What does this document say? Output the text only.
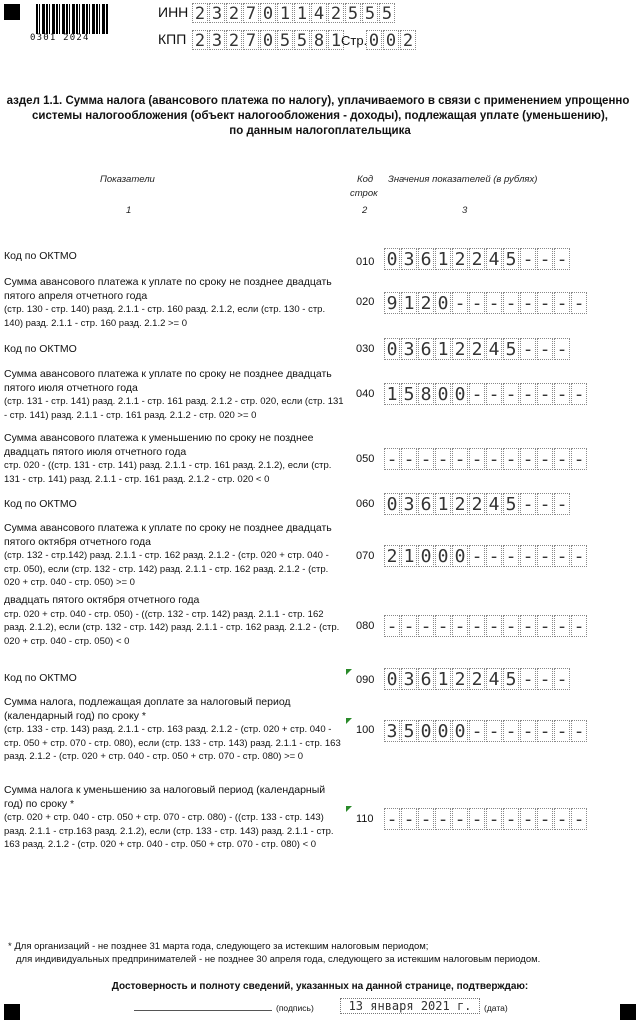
0301 2024
ИНН 2 3 2 7 0 1 1 4 2 5 5 5
КПП 2 3 2 7 0 5 5 8 1 Стр. 0 0 2
аздел 1.1. Сумма налога (авансового платежа по налогу), уплачиваемого в связи с применением упрощенно
системы налогообложения (объект налогообложения - доходы), подлежащая уплате (уменьшению),
по данным налогоплательщика
Показатели	Код
строк
Значения показателей (в рублях)
1	2	3
Код по ОКТМО	010 0 3 6 1 2 2 4 5 - - -
Сумма авансового платежа к уплате по сроку не позднее двадцать пятого апреля отчетного года
(стр. 130 - стр. 140) разд. 2.1.1 - стр. 160 разд. 2.1.2, если (стр. 130 - стр. 140) разд. 2.1.1 - стр. 160 разд. 2.1.2 >= 0
020 9 1 2 0 - - - - - - - -
Код по ОКТМО	030 0 3 6 1 2 2 4 5 - - -
Сумма авансового платежа к уплате по сроку не позднее двадцать пятого июля отчетного года
(стр. 131 - стр. 141) разд. 2.1.1 - стр. 161 разд. 2.1.2 - стр. 020, если (стр. 131 - стр. 141) разд. 2.1.1 - стр. 161 разд. 2.1.2 - стр. 020 >= 0
040 1 5 8 0 0 - - - - - - -
Сумма авансового платежа к уменьшению по сроку не позднее двадцать пятого июля отчетного года
стр. 020 - ((стр. 131 - стр. 141) разд. 2.1.1 - стр. 161 разд. 2.1.2), если (стр. 131 - стр. 141) разд. 2.1.1 - стр. 161 разд. 2.1.2 - стр. 020 < 0
050 - - - - - - - - - - - -
Код по ОКТМО	060 0 3 6 1 2 2 4 5 - - -
Сумма авансового платежа к уплате по сроку не позднее двадцать пятого октября отчетного года
(стр. 132 - стр.142) разд. 2.1.1 - стр. 162 разд. 2.1.2 - (стр. 020 + стр. 040 - стр. 050), если (стр. 132 - стр. 142) разд. 2.1.1 - стр. 162 разд. 2.1.2 - (стр. 020 + стр. 040 - стр. 050) >= 0
070 2 1 0 0 0 - - - - - - -
двадцать пятого октября отчетного года
стр. 020 + стр. 040 - стр. 050) - ((стр. 132 - стр. 142) разд. 2.1.1 - стр. 162 разд. 2.1.2), если (стр. 132 - стр. 142) разд. 2.1.1 - стр. 162 разд. 2.1.2 - (стр. 020 + стр. 040 - стр. 050) < 0
080 - - - - - - - - - - - -
Код по ОКТМО	090 0 3 6 1 2 2 4 5 - - -
Сумма налога, подлежащая доплате за налоговый период (календарный год) по сроку *
(стр. 133 - стр. 143) разд. 2.1.1 - стр. 163 разд. 2.1.2 - (стр. 020 + стр. 040 - стр. 050 + стр. 070 - стр. 080), если (стр. 133 - стр. 143) разд. 2.1.1 - стр. 163 разд. 2.1.2 - (стр. 020 + стр. 040 - стр. 050 + стр. 070 - стр. 080) >= 0
100 3 5 0 0 0 - - - - - - -
Сумма налога к уменьшению за налоговый период (календарный год) по сроку *
(стр. 020 + стр. 040 - стр. 050 + стр. 070 - стр. 080) - ((стр. 133 - стр. 143) разд. 2.1.1 - стр.163 разд. 2.1.2), если (стр. 133 - стр. 143) разд. 2.1.1 - стр. 163 разд. 2.1.2 - (стр. 020 + стр. 040 - стр. 050 + стр. 070 - стр. 080) < 0
110 - - - - - - - - - - - -
* Для организаций - не позднее 31 марта года, следующего за истекшим налоговым периодом;
для индивидуальных предпринимателей - не позднее 30 апреля года, следующего за истекшим налоговым периодом.
Достоверность и полноту сведений, указанных на данной странице, подтверждаю:
(подпись)	13 января 2021 г.	(дата)
